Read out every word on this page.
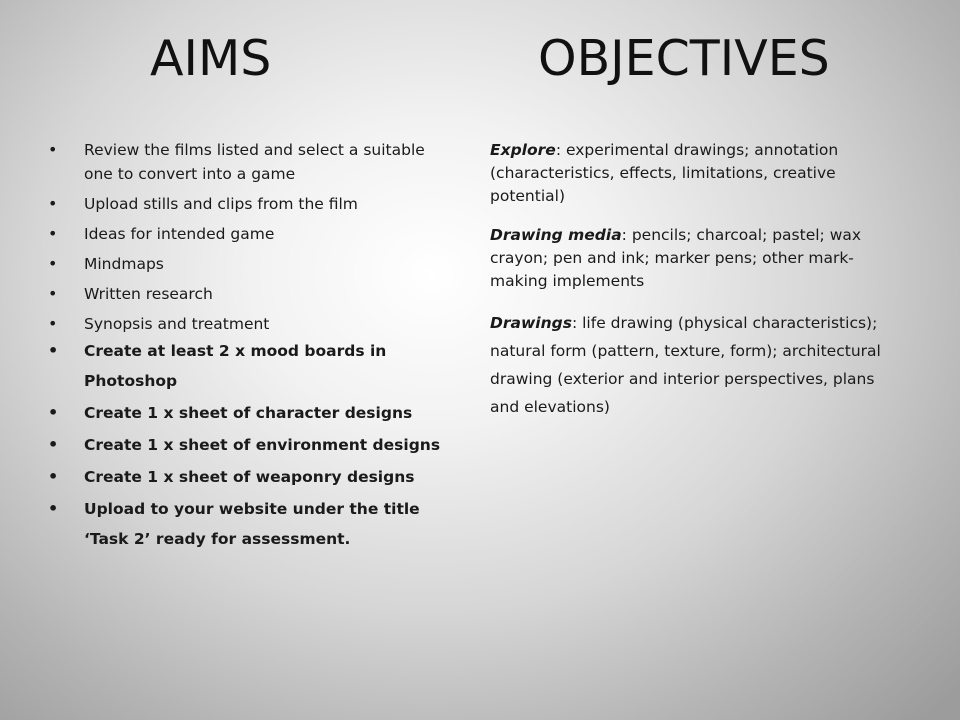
AIMS	OBJECTIVES
• Review the films listed and select a suitable one to convert into a game
• Upload stills and clips from the film
• Ideas for intended game
• Mindmaps
• Written research
• Synopsis and treatment
• Create at least 2 x mood boards in Photoshop
• Create 1 x sheet of character designs
• Create 1 x sheet of environment designs
• Create 1 x sheet of weaponry designs
• Upload to your website under the title ‘Task 2’ ready for assessment.

Explore: experimental drawings; annotation (characteristics, effects, limitations, creative potential)

Drawing media: pencils; charcoal; pastel; wax crayon; pen and ink; marker pens; other mark-making implements

Drawings: life drawing (physical characteristics); natural form (pattern, texture, form); architectural drawing (exterior and interior perspectives, plans and elevations)
